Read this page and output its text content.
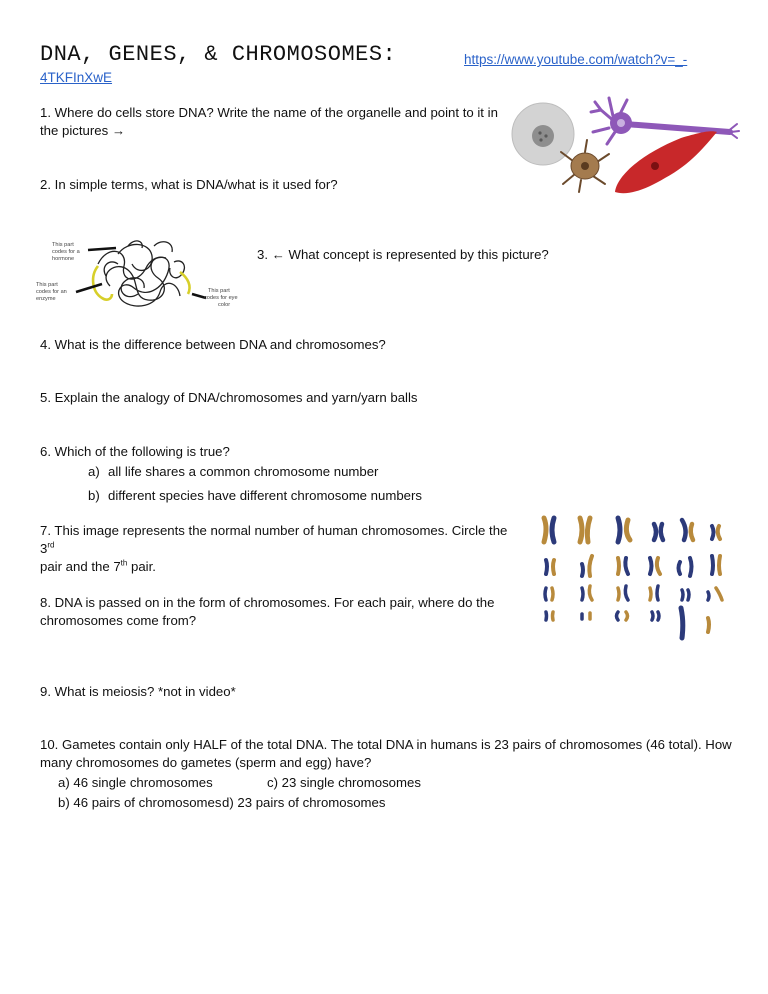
DNA, GENES, & CHROMOSOMES:	https://www.youtube.com/watch?v=_-
4TKFInXwE
1. Where do cells store DNA? Write the name of the organelle and point to it in
the pictures →
2. In simple terms, what is DNA/what is it used for?
This part
codes for a
hormone
This part
codes for an
enzyme
This part
codes for eye
color
3. ← What concept is represented by this picture?
4. What is the difference between DNA and chromosomes?
5. Explain the analogy of DNA/chromosomes and yarn/yarn balls
6. Which of the following is true?
a) all life shares a common chromosome number
b) different species have different chromosome numbers
7. This image represents the normal number of human chromosomes. Circle the 3rd
pair and the 7th pair.
8. DNA is passed on in the form of chromosomes. For each pair, where do the
chromosomes come from?
9. What is meiosis? *not in video*
10. Gametes contain only HALF of the total DNA. The total DNA in humans is 23 pairs of chromosomes (46 total). How
many chromosomes do gametes (sperm and egg) have?
a) 46 single chromosomes	c) 23 single chromosomes
b) 46 pairs of chromosomes d) 23 pairs of chromosomes
